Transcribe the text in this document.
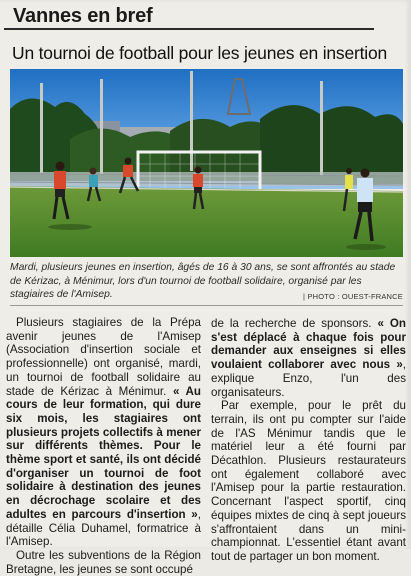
Vannes en bref
Un tournoi de football pour les jeunes en insertion
Mardi, plusieurs jeunes en insertion, âgés de 16 à 30 ans, se sont affrontés au stade de Kérizac, à Ménimur, lors d'un tournoi de football solidaire, organisé par les stagiaires de l'Amisep.	| PHOTO : OUEST-FRANCE

Plusieurs stagiaires de la Prépa avenir jeunes de l'Amisep (Association d'insertion sociale et professionnelle) ont organisé, mardi, un tournoi de football solidaire au stade de Kérizac à Ménimur. « Au cours de leur formation, qui dure six mois, les stagiaires ont plusieurs projets collectifs à mener sur différents thèmes. Pour le thème sport et santé, ils ont décidé d'organiser un tournoi de foot solidaire à destination des jeunes en décrochage scolaire et des adultes en parcours d'insertion », détaille Célia Duhamel, formatrice à l'Amisep.

Outre les subventions de la Région Bretagne, les jeunes se sont occupé

de la recherche de sponsors. « On s'est déplacé à chaque fois pour demander aux enseignes si elles voulaient collaborer avec nous », explique Enzo, l'un des organisateurs.

Par exemple, pour le prêt du terrain, ils ont pu compter sur l'aide de l'AS Ménimur tandis que le matériel leur a été fourni par Décathlon. Plusieurs restaurateurs ont également collaboré avec l'Amisep pour la partie restauration. Concernant l'aspect sportif, cinq équipes mixtes de cinq à sept joueurs s'affrontaient dans un mini-championnat. L'essentiel étant avant tout de partager un bon moment.
